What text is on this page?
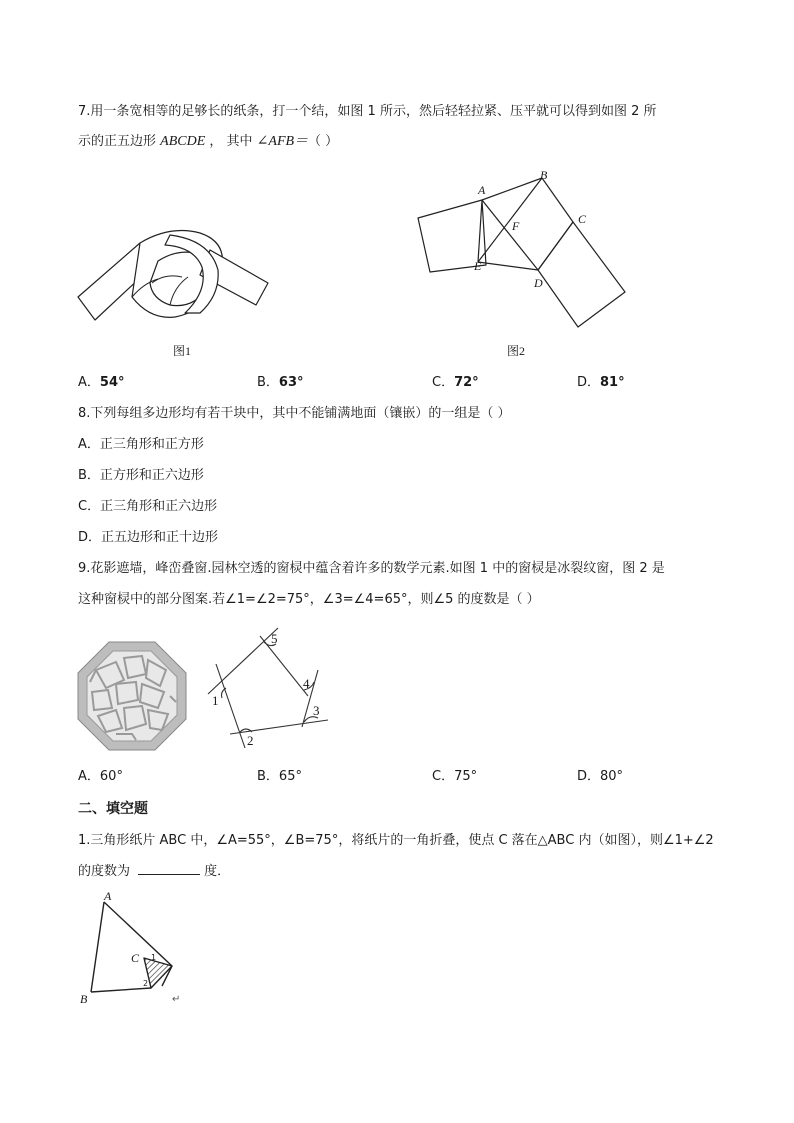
7.用一条宽相等的足够长的纸条，打一个结，如图 1 所示，然后轻轻拉紧、压平就可以得到如图 2 所
示的正五边形 ABCDE ， 其中 ∠AFB＝（ ）
图1
A
B
C
D
E
F
图2
A．54°	B．63°	C．72°	D．81°
8.下列每组多边形均有若干块中，其中不能铺满地面（镶嵌）的一组是（ ）
A．正三角形和正方形
B．正方形和正六边形
C．正三角形和正六边形
D．正五边形和正十边形
9.花影遮墙，峰峦叠窗.园林空透的窗棂中蕴含着许多的数学元素.如图 1 中的窗棂是冰裂纹窗，图 2 是
这种窗棂中的部分图案.若∠1=∠2=75°，∠3=∠4=65°，则∠5 的度数是（ ）
1
2
3
4
5
A．60°	B．65°	C．75°	D．80°
二、填空题
1.三角形纸片 ABC 中，∠A=55°，∠B=75°，将纸片的一角折叠，使点 C 落在△ABC 内（如图），则∠1+∠2
的度数为	度．
A
B
C 1
2
↵
